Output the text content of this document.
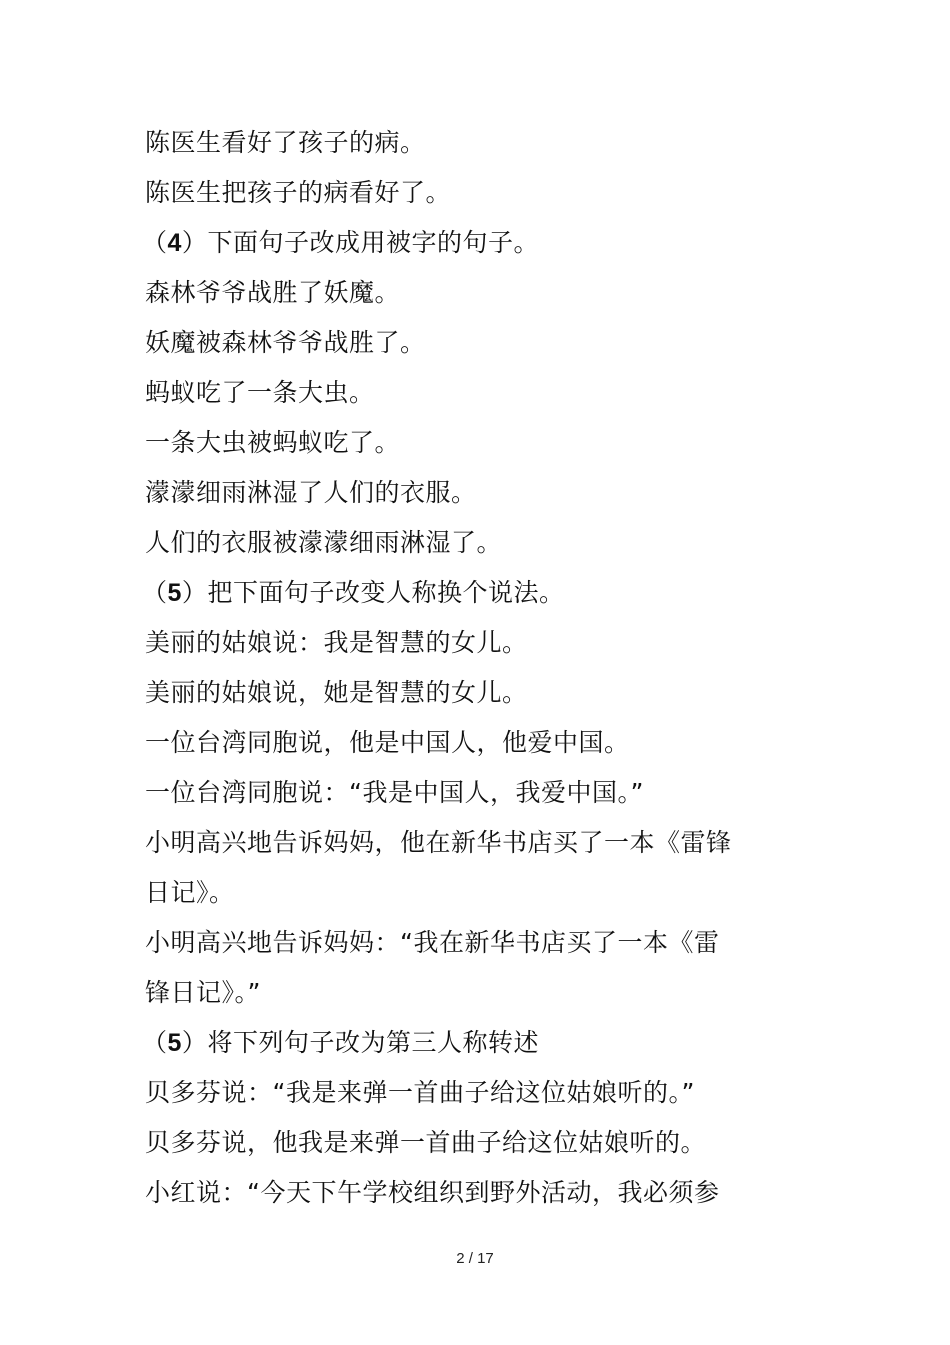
陈医生看好了孩子的病。
陈医生把孩子的病看好了。
（4）下面句子改成用被字的句子。
森林爷爷战胜了妖魔。
妖魔被森林爷爷战胜了。
蚂蚁吃了一条大虫。
一条大虫被蚂蚁吃了。
濛濛细雨淋湿了人们的衣服。
人们的衣服被濛濛细雨淋湿了。
（5）把下面句子改变人称换个说法。
美丽的姑娘说：我是智慧的女儿。
美丽的姑娘说，她是智慧的女儿。
一位台湾同胞说，他是中国人，他爱中国。
一位台湾同胞说：“我是中国人，我爱中国。”
小明高兴地告诉妈妈，他在新华书店买了一本《雷锋
日记》。
小明高兴地告诉妈妈：“我在新华书店买了一本《雷
锋日记》。”
（5）将下列句子改为第三人称转述
贝多芬说：“我是来弹一首曲子给这位姑娘听的。”
贝多芬说，他我是来弹一首曲子给这位姑娘听的。
小红说：“今天下午学校组织到野外活动，我必须参
2 / 17
